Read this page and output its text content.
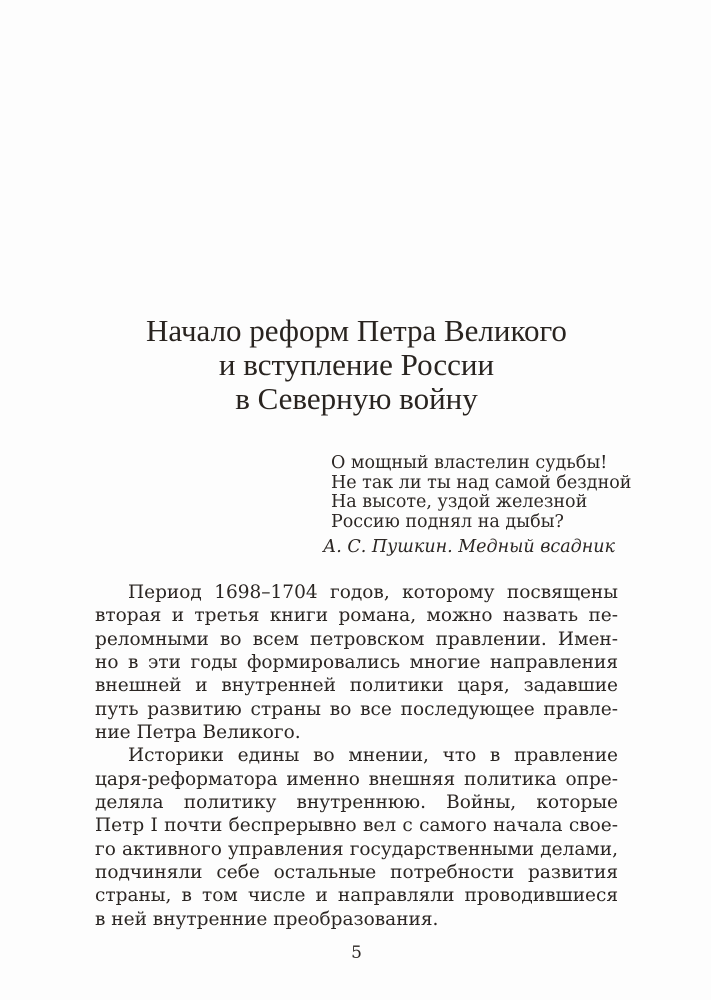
Начало реформ Петра Великого
и вступление России
в Северную войну
О мощный властелин судьбы!
Не так ли ты над самой бездной
На высоте, уздой железной
Россию поднял на дыбы?
А. С. Пушкин. Медный всадник
Период 1698–1704 годов, которому посвящены
вторая и третья книги романа, можно назвать пе-
реломными во всем петровском правлении. Имен-
но в эти годы формировались многие направления
внешней и внутренней политики царя, задавшие
путь развитию страны во все последующее правле-
ние Петра Великого.
Историки едины во мнении, что в правление
царя-реформатора именно внешняя политика опре-
деляла политику внутреннюю. Войны, которые
Петр I почти беспрерывно вел с самого начала свое-
го активного управления государственными делами,
подчиняли себе остальные потребности развития
страны, в том числе и направляли проводившиеся
в ней внутренние преобразования.
5
